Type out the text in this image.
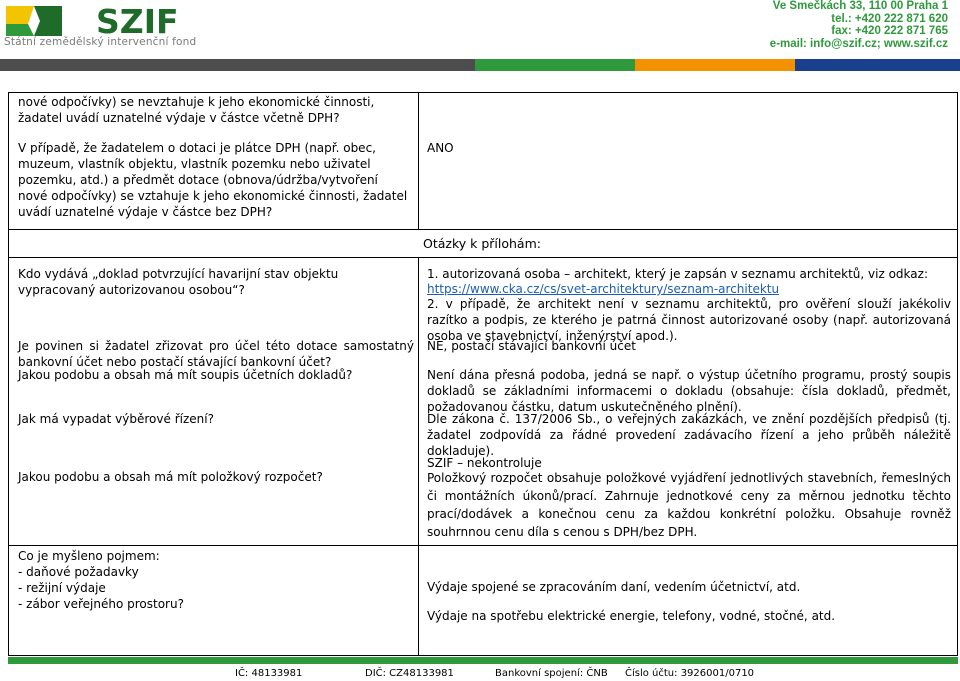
SZIF
Státní zemědělský intervenční fond
Ve Smečkách 33, 110 00 Praha 1
tel.: +420 222 871 620
fax: +420 222 871 765
e-mail: info@szif.cz; www.szif.cz
nové odpočívky) se nevztahuje k jeho ekonomické činnosti, žadatel uvádí uznatelné výdaje v částce včetně DPH?
V případě, že žadatelem o dotaci je plátce DPH (např. obec, muzeum, vlastník objektu, vlastník pozemku nebo uživatel pozemku, atd.) a předmět dotace (obnova/údržba/vytvoření nové odpočívky) se vztahuje k jeho ekonomické činnosti, žadatel uvádí uznatelné výdaje v částce bez DPH?
ANO
Otázky k přílohám:
Kdo vydává „doklad potvrzující havarijní stav objektu vypracovaný autorizovanou osobou“?
Je povinen si žadatel zřizovat pro účel této dotace samostatný bankovní účet nebo postačí stávající bankovní účet?
Jakou podobu a obsah má mít soupis účetních dokladů?
Jak má vypadat výběrové řízení?
Jakou podobu a obsah má mít položkový rozpočet?
1. autorizovaná osoba – architekt, který je zapsán v seznamu architektů, viz odkaz:
https://www.cka.cz/cs/svet-architektury/seznam-architektu
2. v případě, že architekt není v seznamu architektů, pro ověření slouží jakékoliv razítko a podpis, ze kterého je patrná činnost autorizované osoby (např. autorizovaná osoba ve stavebnictví, inženýrství apod.).
NE, postačí stávající bankovní účet
Není dána přesná podoba, jedná se např. o výstup účetního programu, prostý soupis dokladů se základními informacemi o dokladu (obsahuje: čísla dokladů, předmět, požadovanou částku, datum uskutečněného plnění).
Dle zákona č. 137/2006 Sb., o veřejných zakázkách, ve znění pozdějších předpisů (tj. žadatel zodpovídá za řádné provedení zadávacího řízení a jeho průběh náležitě dokladuje).
SZIF – nekontroluje
Položkový rozpočet obsahuje položkové vyjádření jednotlivých stavebních, řemeslných či montážních úkonů/prací. Zahrnuje jednotkové ceny za měrnou jednotku těchto prací/dodávek a konečnou cenu za každou konkrétní položku. Obsahuje rovněž souhrnnou cenu díla s cenou s DPH/bez DPH.
Co je myšleno pojmem:
- daňové požadavky
- režijní výdaje
- zábor veřejného prostoru?
Výdaje spojené se zpracováním daní, vedením účetnictví, atd.
Výdaje na spotřebu elektrické energie, telefony, vodné, stočné, atd.
IČ: 48133981	DIČ: CZ48133981	Bankovní spojení: ČNB Číslo účtu: 3926001/0710
